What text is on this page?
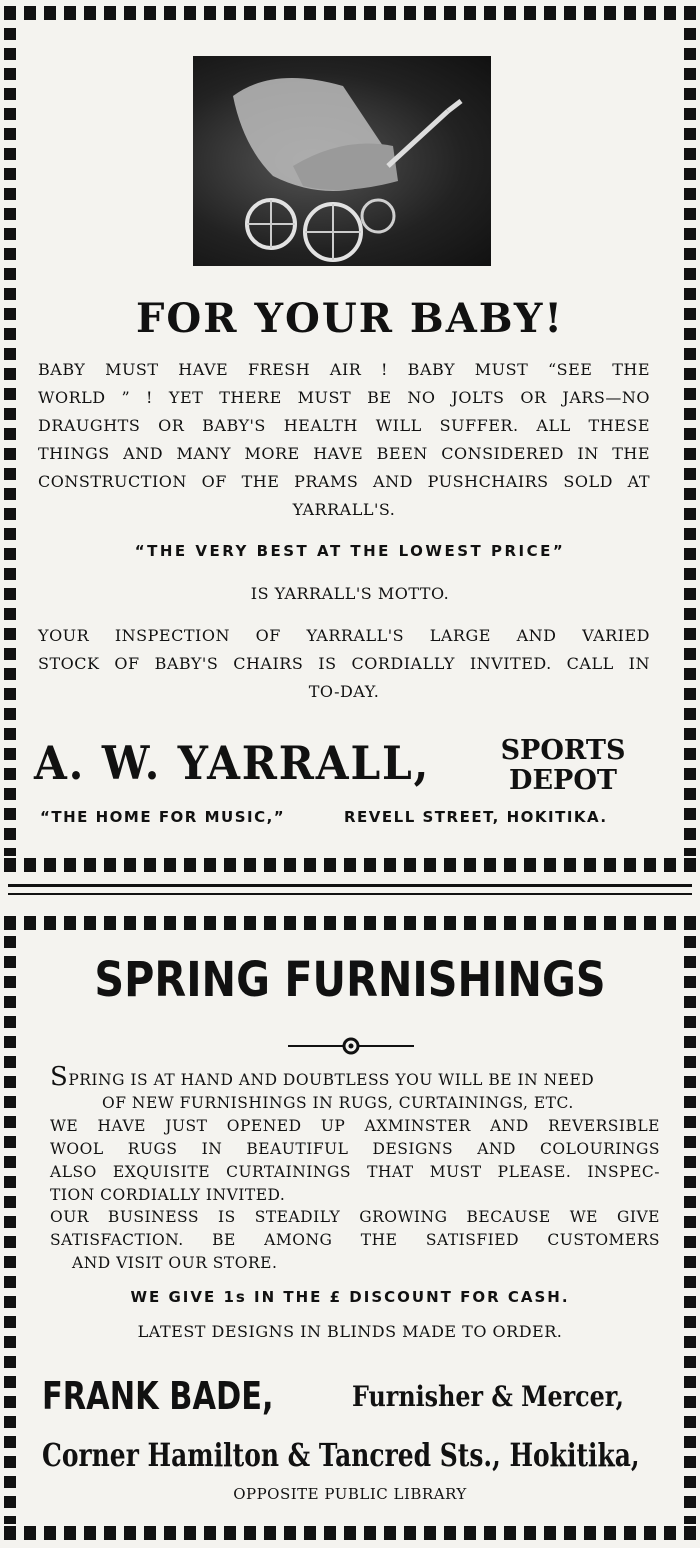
FOR YOUR BABY!
BABY MUST HAVE FRESH AIR ! BABY MUST “SEE THE
WORLD ” ! YET THERE MUST BE NO JOLTS OR JARS—NO
DRAUGHTS OR BABY'S HEALTH WILL SUFFER. ALL THESE
THINGS AND MANY MORE HAVE BEEN CONSIDERED IN THE
CONSTRUCTION OF THE PRAMS AND PUSHCHAIRS SOLD AT
YARRALL'S.
“THE VERY BEST AT THE LOWEST PRICE”
IS YARRALL'S MOTTO.
YOUR INSPECTION OF YARRALL'S LARGE AND VARIED
STOCK OF BABY'S CHAIRS IS CORDIALLY INVITED. CALL IN
TO-DAY.
A. W. YARRALL,	SPORTS
DEPOT
“THE HOME FOR MUSIC,”	REVELL STREET, HOKITIKA.
SPRING FURNISHINGS
SPRING IS AT HAND AND DOUBTLESS YOU WILL BE IN NEED
OF NEW FURNISHINGS IN RUGS, CURTAININGS, ETC.
WE HAVE JUST OPENED UP AXMINSTER AND REVERSIBLE
WOOL RUGS IN BEAUTIFUL DESIGNS AND COLOURINGS
ALSO EXQUISITE CURTAININGS THAT MUST PLEASE. INSPEC-
TION CORDIALLY INVITED.
OUR BUSINESS IS STEADILY GROWING BECAUSE WE GIVE
SATISFACTION. BE AMONG THE SATISFIED CUSTOMERS
AND VISIT OUR STORE.
WE GIVE 1s IN THE £ DISCOUNT FOR CASH.
LATEST DESIGNS IN BLINDS MADE TO ORDER.
FRANK BADE,	Furnisher & Mercer,
Corner Hamilton & Tancred Sts., Hokitika,
OPPOSITE PUBLIC LIBRARY
